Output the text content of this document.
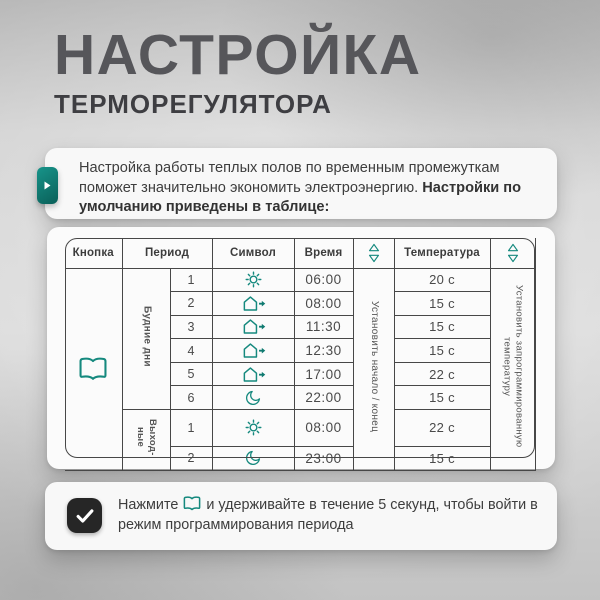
НАСТРОЙКА
ТЕРМОРЕГУЛЯТОРА

Настройка работы теплых полов по временным промежуткам поможет значительно экономить электроэнергию. Настройки по умолчанию приведены в таблице:

Кнопка	Период		Символ	Время		Температура	

	Будние дни	1		06:00	Установить начало / конец	20 c	Установить запрограммированную температуру
		2		08:00		15 c	
		3		11:30		15 c	
		4		12:30		15 c	
		5		17:00		22 c	
		6		22:00		15 c	
	Выход-ные	1		08:00		22 c	
		2		23:00		15 c	

Нажмите и удерживайте в течение 5 секунд, чтобы войти в режим программирования периода
